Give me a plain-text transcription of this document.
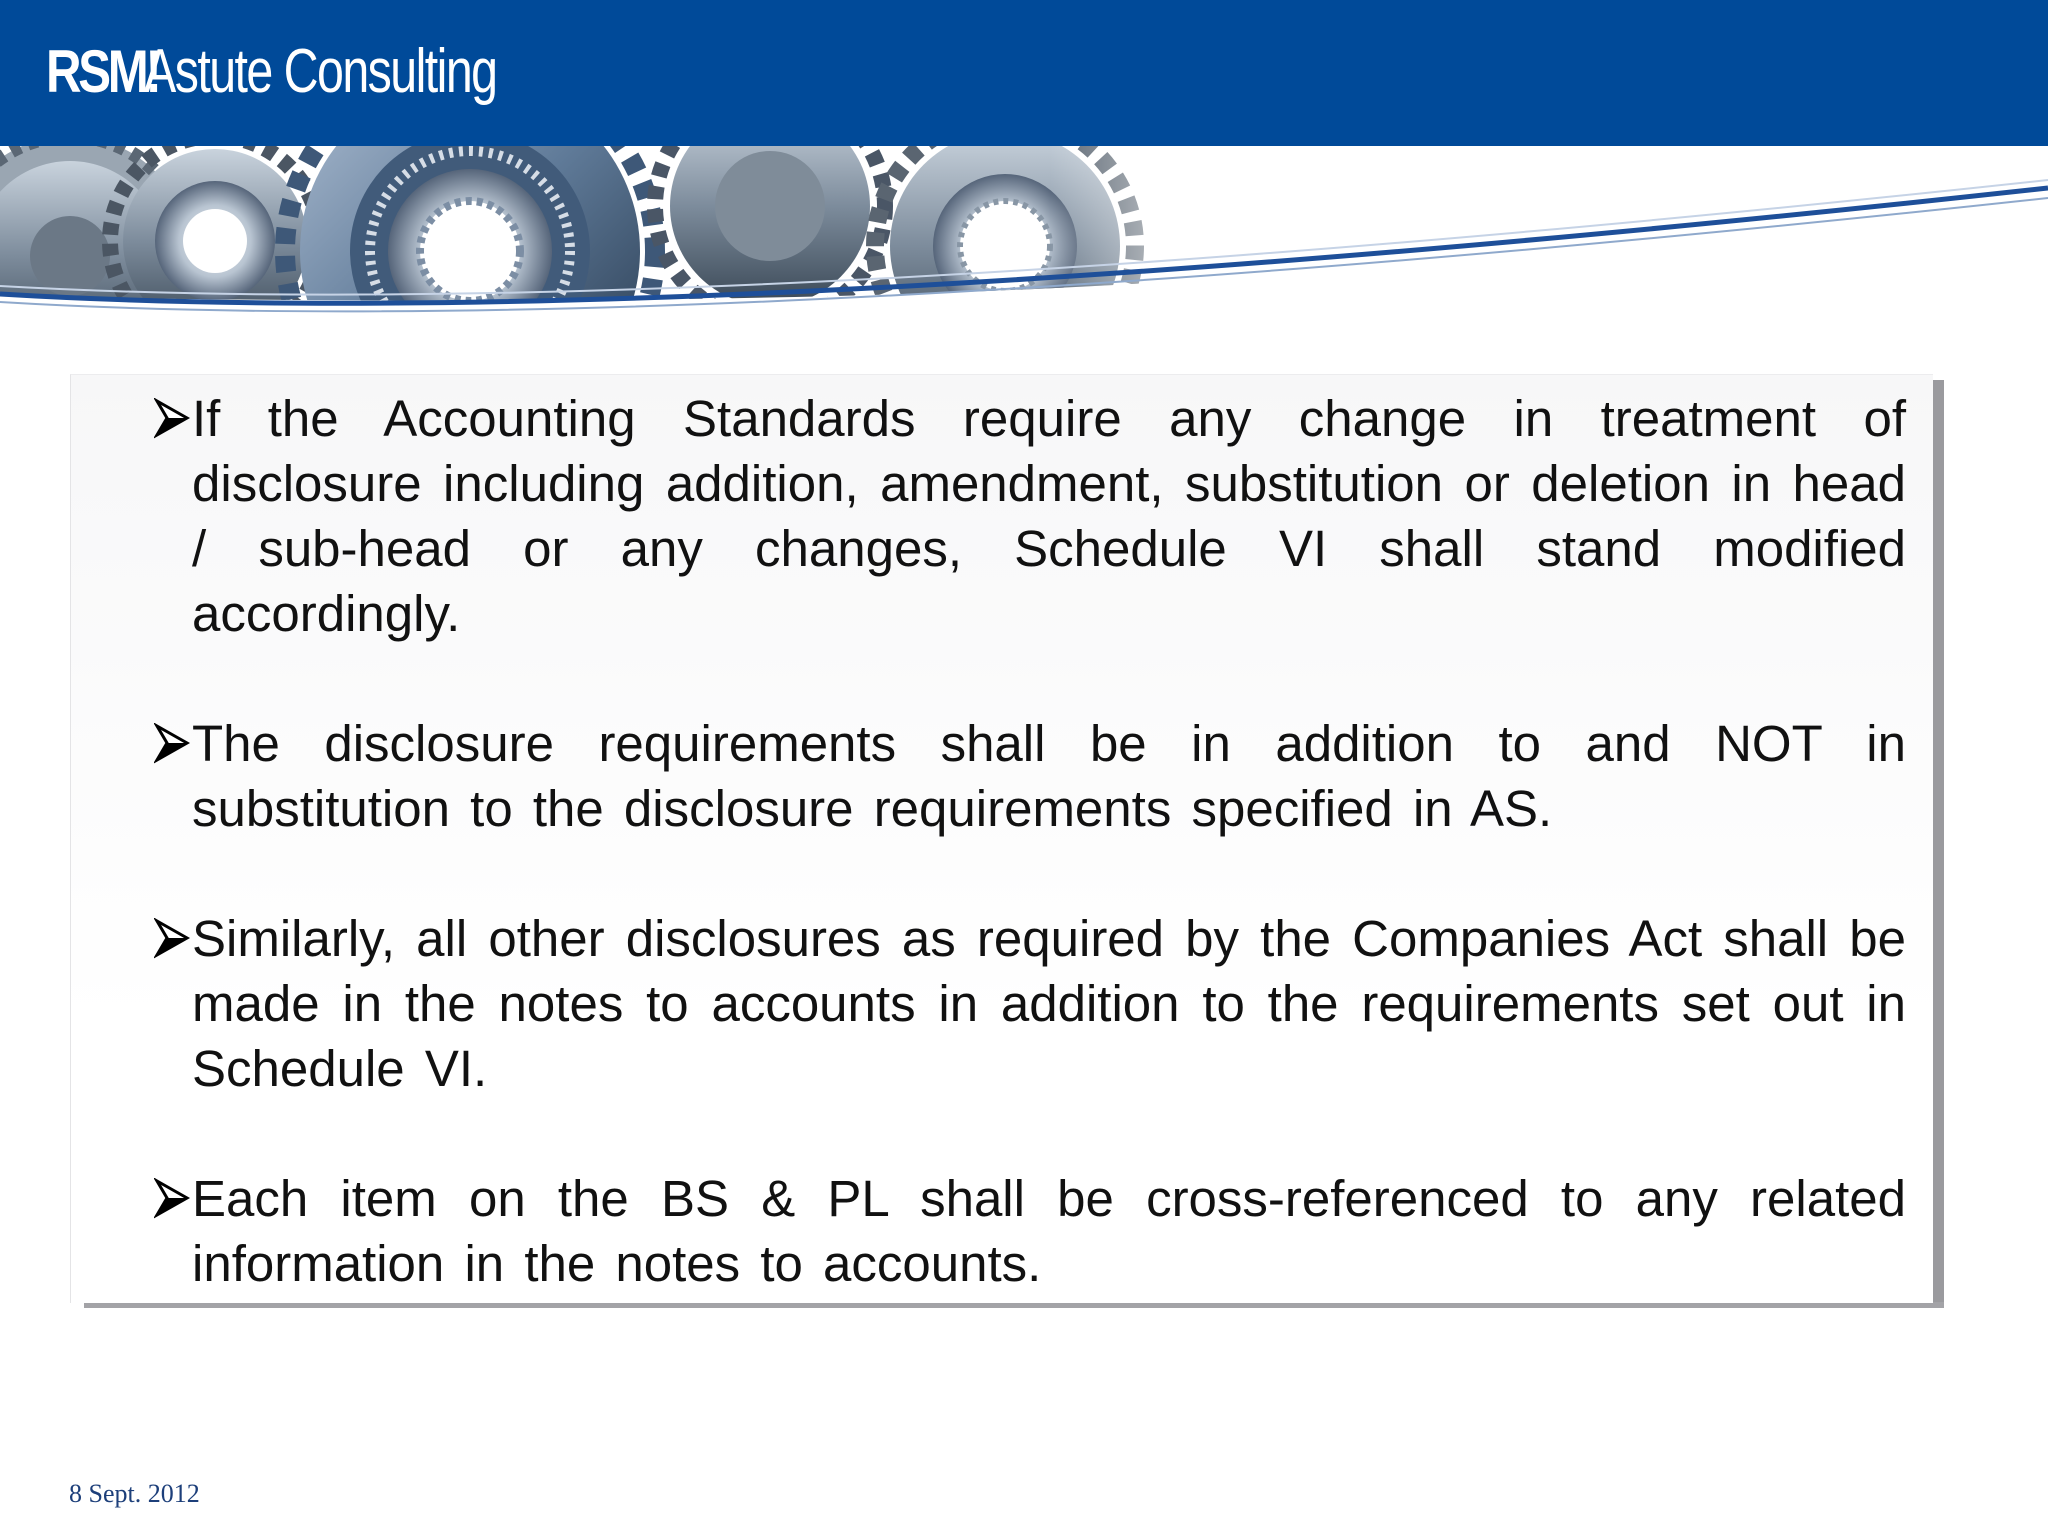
RSM!
Astute Consulting
If the Accounting Standards require any change in treatment of disclosure including addition, amendment, substitution or deletion in head / sub-head or any changes, Schedule VI shall stand modified accordingly.
The disclosure requirements shall be in addition to and NOT in substitution to the disclosure requirements specified in AS.
Similarly, all other disclosures as required by the Companies Act shall be made in the notes to accounts in addition to the requirements set out in Schedule VI.
Each item on the BS & PL shall be cross-referenced to any related information in the notes to accounts.
8 Sept. 2012
